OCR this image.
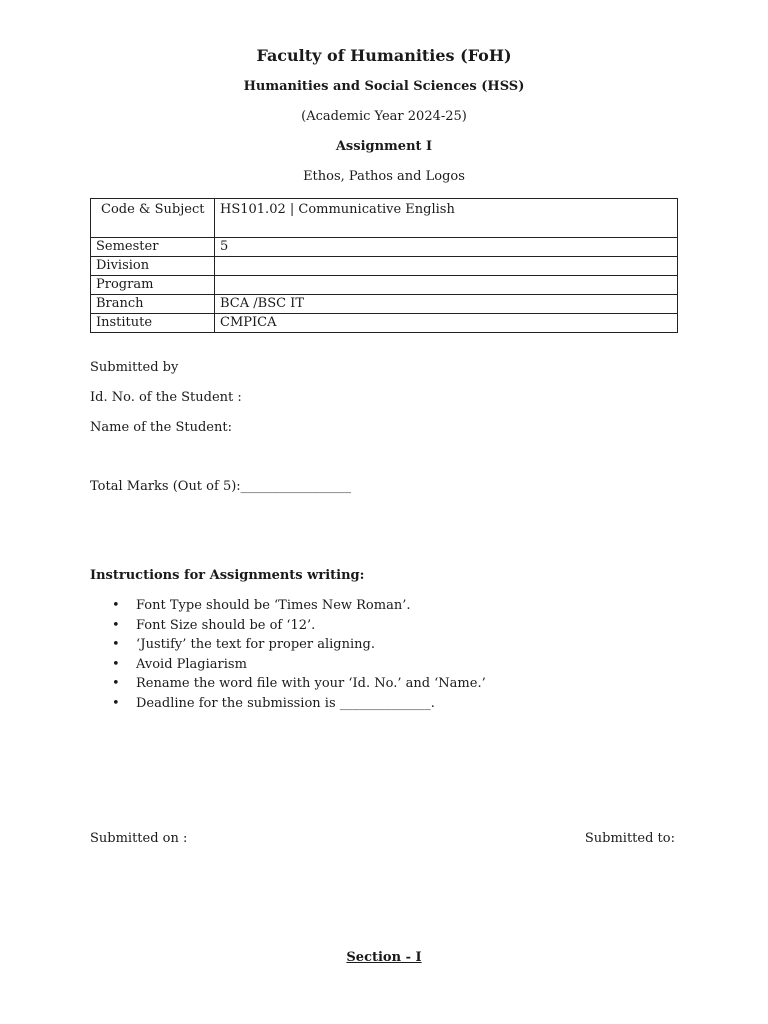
Faculty of Humanities (FoH)
Humanities and Social Sciences (HSS)
(Academic Year 2024-25)
Assignment I
Ethos, Pathos and Logos
Code & Subject	HS101.02 | Communicative English
Semester	5
Division	
Program	
Branch	BCA /BSC IT
Institute	CMPICA
Submitted by
Id. No. of the Student :
Name of the Student:
Total Marks (Out of 5):_________________
Instructions for Assignments writing:
• Font Type should be ‘Times New Roman’.
• Font Size should be of ‘12’.
• ‘Justify’ the text for proper aligning.
• Avoid Plagiarism
• Rename the word file with your ‘Id. No.’ and ‘Name.’
• Deadline for the submission is ______________.
Submitted on :	Submitted to:
Section - I
